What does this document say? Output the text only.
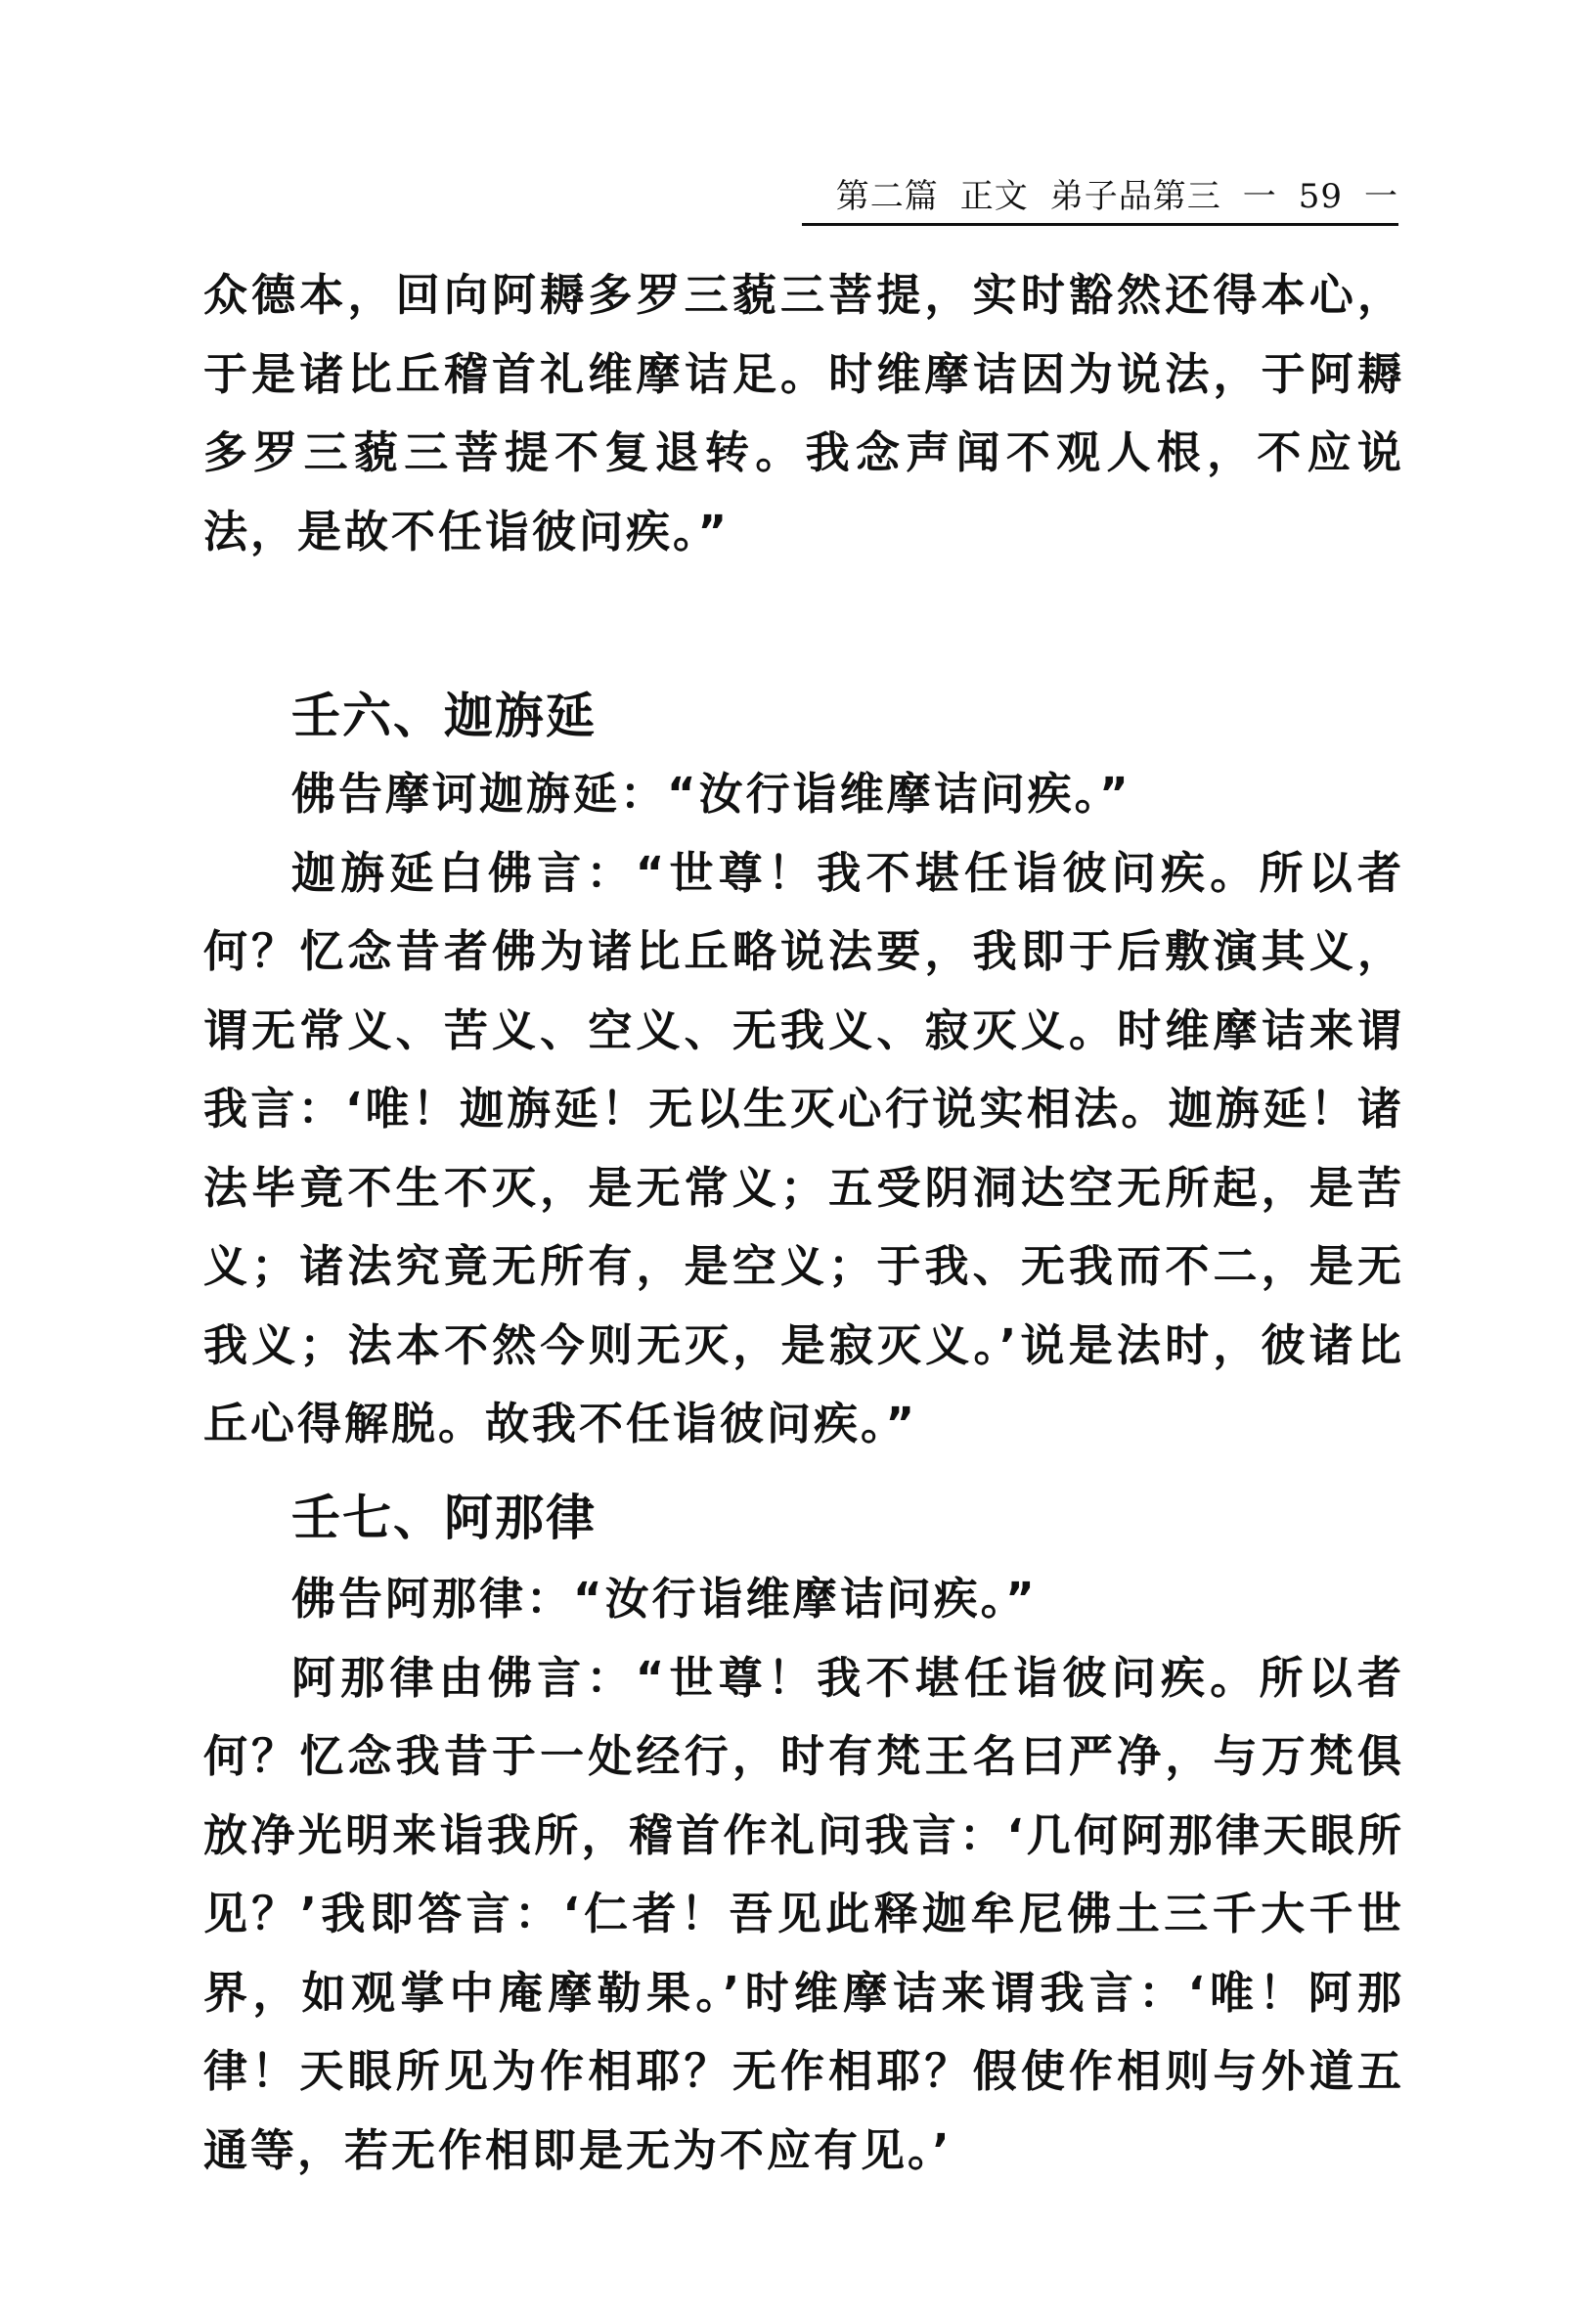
第二篇 正文 弟子品第三 一 59 一

众德本，回向阿耨多罗三藐三菩提，实时豁然还得本心，于是诸比丘稽首礼维摩诘足。时维摩诘因为说法，于阿耨多罗三藐三菩提不复退转。我念声闻不观人根，不应说法，是故不任诣彼问疾。”

壬六、迦旃延

佛告摩诃迦旃延：“汝行诣维摩诘问疾。”

迦旃延白佛言：“世尊！我不堪任诣彼问疾。所以者何？忆念昔者佛为诸比丘略说法要，我即于后敷演其义，谓无常义、苦义、空义、无我义、寂灭义。时维摩诘来谓我言：‘唯！迦旃延！无以生灭心行说实相法。迦旃延！诸法毕竟不生不灭，是无常义；五受阴洞达空无所起，是苦义；诸法究竟无所有，是空义；于我、无我而不二，是无我义；法本不然今则无灭，是寂灭义。’说是法时，彼诸比丘心得解脱。故我不任诣彼问疾。”

壬七、阿那律

佛告阿那律：“汝行诣维摩诘问疾。”

阿那律由佛言：“世尊！我不堪任诣彼问疾。所以者何？忆念我昔于一处经行，时有梵王名曰严净，与万梵俱放净光明来诣我所，稽首作礼问我言：‘几何阿那律天眼所见？’我即答言：‘仁者！吾见此释迦牟尼佛土三千大千世界，如观掌中庵摩勒果。’时维摩诘来谓我言：‘唯！阿那律！天眼所见为作相耶？无作相耶？假使作相则与外道五通等，若无作相即是无为不应有见。’
